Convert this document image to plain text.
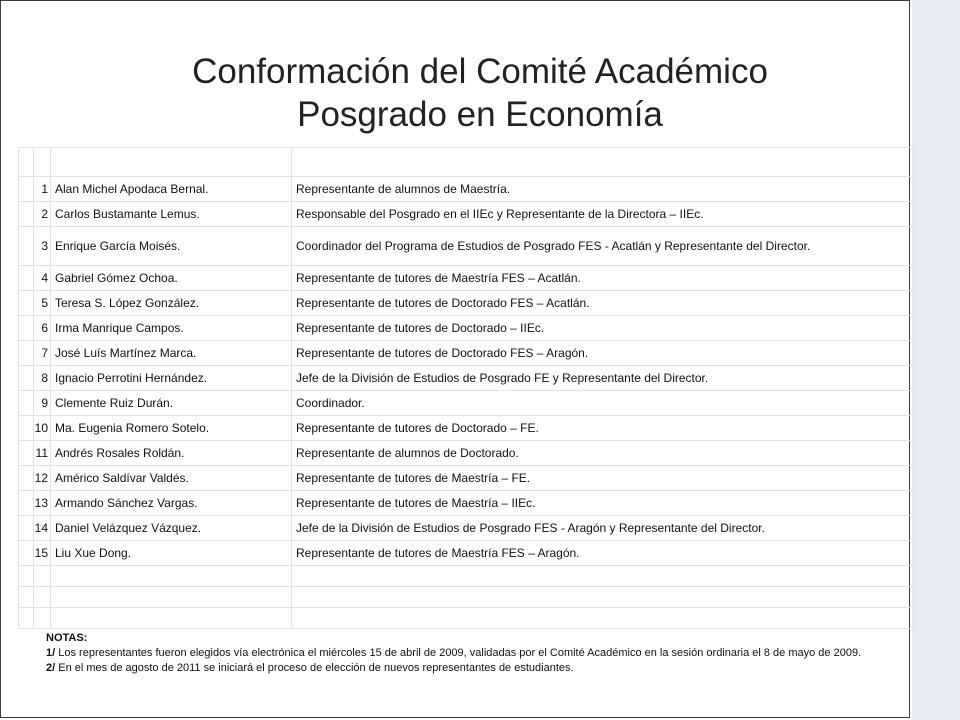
Conformación del Comité Académico
Posgrado en Economía

	1	Alan Michel Apodaca Bernal.	Representante de alumnos de Maestría.
	2	Carlos Bustamante Lemus.	Responsable del Posgrado en el IIEc y Representante de la Directora – IIEc.
	3	Enrique García Moisés.	Coordinador del Programa de Estudios de Posgrado FES - Acatlán y Representante del Director.
	4	Gabriel Gómez Ochoa.	Representante de tutores de Maestría FES – Acatlán.
	5	Teresa S. López González.	Representante de tutores de Doctorado FES – Acatlán.
	6	Irma Manrique Campos.	Representante de tutores de Doctorado – IIEc.
	7	José Luís Martínez Marca.	Representante de tutores de Doctorado FES – Aragón.
	8	Ignacio Perrotini Hernández.	Jefe de la División de Estudios de Posgrado FE y Representante del Director.
	9	Clemente Ruiz Durán.	Coordinador.
	10	Ma. Eugenia Romero Sotelo.	Representante de tutores de Doctorado – FE.
	11	Andrés Rosales Roldán.	Representante de alumnos de Doctorado.
	12	Américo Saldívar Valdés.	Representante de tutores de Maestría – FE.
	13	Armando Sánchez Vargas.	Representante de tutores de Maestría – IIEc.
	14	Daniel Velázquez Vázquez.	Jefe de la División de Estudios de Posgrado FES - Aragón y Representante del Director.
	15	Liu Xue Dong.	Representante de tutores de Maestría FES – Aragón.

NOTAS:
1/ Los representantes fueron elegidos vía electrónica el miércoles 15 de abril de 2009, validadas por el Comité Académico en la sesión ordinaria el 8 de mayo de 2009.
2/ En el mes de agosto de 2011 se iniciará el proceso de elección de nuevos representantes de estudiantes.
